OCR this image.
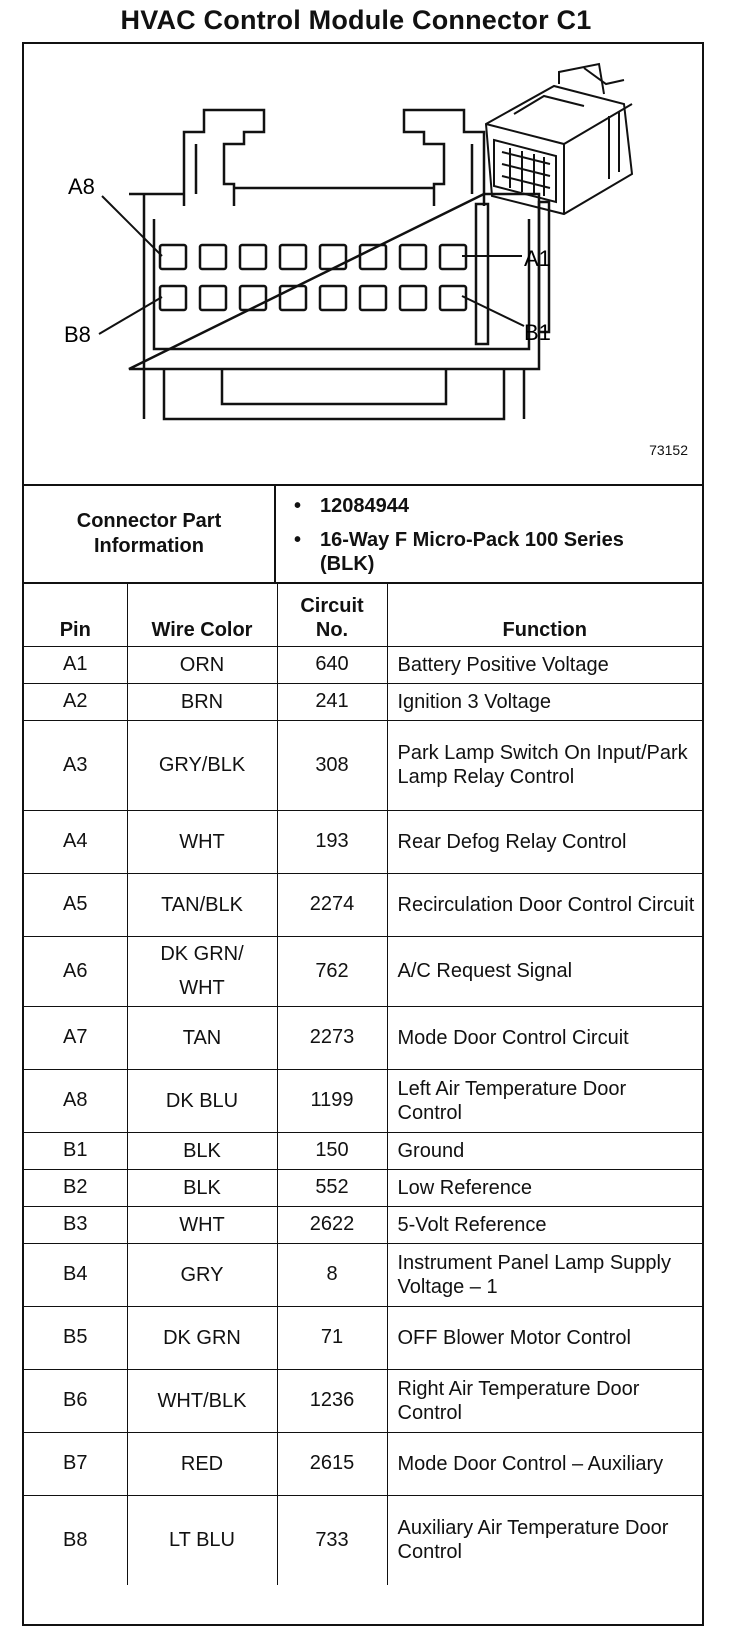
HVAC Control Module Connector C1
A8
A1
B8	B1
73152
Connector Part Information
• 12084944
• 16-Way F Micro-Pack 100 Series (BLK)
Pin	Wire Color	Circuit No.	Function
A1	ORN	640	Battery Positive Voltage
A2	BRN	241	Ignition 3 Voltage
A3	GRY/BLK	308	Park Lamp Switch On Input/Park Lamp Relay Control
A4	WHT	193	Rear Defog Relay Control
A5	TAN/BLK	2274	Recirculation Door Control Circuit
A6	DK GRN/ WHT	762	A/C Request Signal
A7	TAN	2273	Mode Door Control Circuit
A8	DK BLU	1199	Left Air Temperature Door Control
B1	BLK	150	Ground
B2	BLK	552	Low Reference
B3	WHT	2622	5-Volt Reference
B4	GRY	8	Instrument Panel Lamp Supply Voltage – 1
B5	DK GRN	71	OFF Blower Motor Control
B6	WHT/BLK	1236	Right Air Temperature Door Control
B7	RED	2615	Mode Door Control – Auxiliary
B8	LT BLU	733	Auxiliary Air Temperature Door Control
